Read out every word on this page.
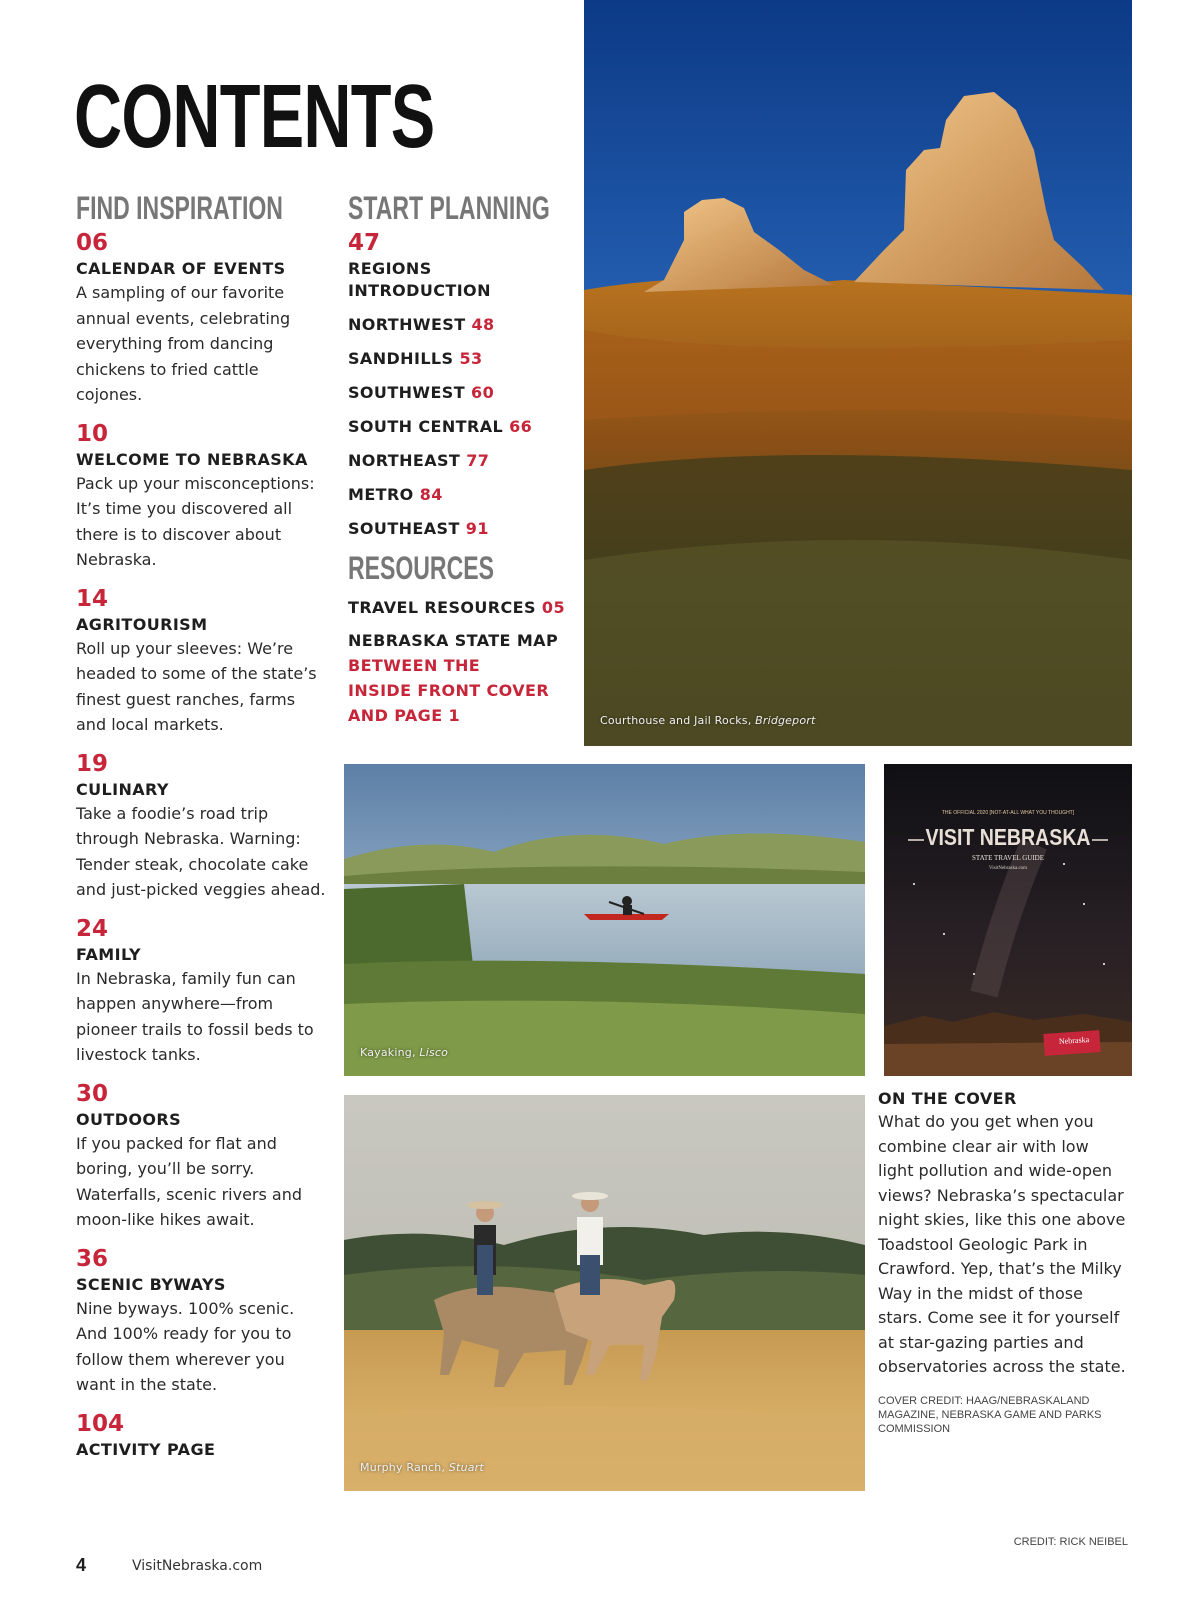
CONTENTS
FIND INSPIRATION
06
CALENDAR OF EVENTS
A sampling of our favorite annual events, celebrating everything from dancing chickens to fried cattle cojones.
10
WELCOME TO NEBRASKA
Pack up your misconceptions: It’s time you discovered all there is to discover about Nebraska.
14
AGRITOURISM
Roll up your sleeves: We’re headed to some of the state’s finest guest ranches, farms and local markets.
19
CULINARY
Take a foodie’s road trip through Nebraska. Warning: Tender steak, chocolate cake and just-picked veggies ahead.
24
FAMILY
In Nebraska, family fun can happen anywhere—from pioneer trails to fossil beds to livestock tanks.
30
OUTDOORS
If you packed for flat and boring, you’ll be sorry. Waterfalls, scenic rivers and moon-like hikes await.
36
SCENIC BYWAYS
Nine byways. 100% scenic. And 100% ready for you to follow them wherever you want in the state.
104
ACTIVITY PAGE
START PLANNING
47
REGIONS INTRODUCTION
NORTHWEST 48
SANDHILLS 53
SOUTHWEST 60
SOUTH CENTRAL 66
NORTHEAST 77
METRO 84
SOUTHEAST 91
RESOURCES
TRAVEL RESOURCES 05
NEBRASKA STATE MAP
BETWEEN THE
INSIDE FRONT COVER
AND PAGE 1	Courthouse and Jail Rocks, Bridgeport
Kayaking, Lisco
THE OFFICIAL 2020 [NOT-AT-ALL WHAT YOU THOUGHT]
VISIT NEBRASKA
STATE TRAVEL GUIDE
VisitNebraska.com
Nebraska
Murphy Ranch, Stuart
ON THE COVER
What do you get when you combine clear air with low light pollution and wide-open views? Nebraska’s spectacular night skies, like this one above Toadstool Geologic Park in Crawford. Yep, that’s the Milky Way in the midst of those stars. Come see it for yourself at star-gazing parties and observatories across the state.
COVER CREDIT: HAAG/NEBRASKALAND MAGAZINE, NEBRASKA GAME AND PARKS COMMISSION
CREDIT: RICK NEIBEL
4	VisitNebraska.com
